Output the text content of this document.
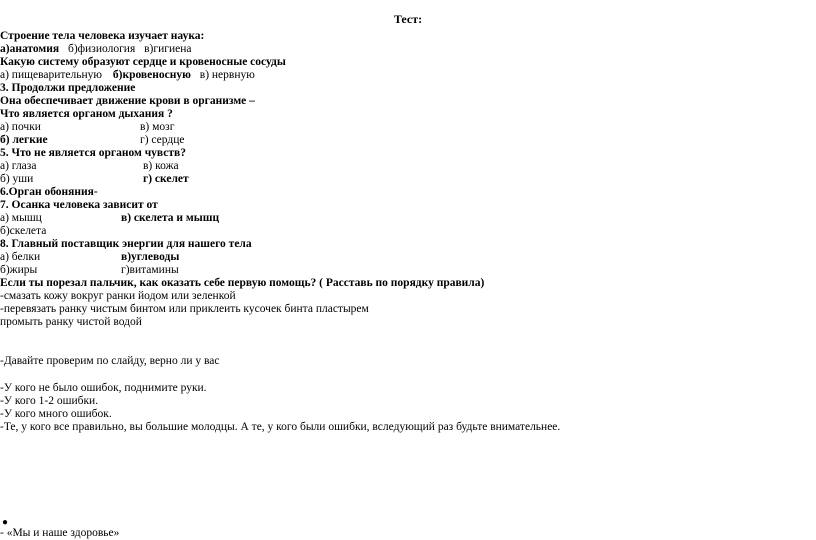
Тест:
Строение тела человека изучает наука:
а)анатомия б)физиология в)гигиена
Какую систему образуют сердце и кровеносные сосуды
а) пищеварительную б)кровеносную в) нервную
3. Продолжи предложение
Она обеспечивает движение крови в организме –
Что является органом дыхания ?
а) почки	в) мозг
б) легкие	г) сердце
5. Что не является органом чувств?
а) глаза	в) кожа
б) уши	г) скелет
6.Орган обоняния-
7. Осанка человека зависит от
а) мышц	в) скелета и мышц
б)скелета
8. Главный поставщик энергии для нашего тела
а) белки	в)углеводы
б)жиры	г)витамины
Если ты порезал пальчик, как оказать себе первую помощь? ( Расставь по порядку правила)
-смазать кожу вокруг ранки йодом или зеленкой
-перевязать ранку чистым бинтом или приклеить кусочек бинта пластырем
промыть ранку чистой водой
-Давайте проверим по слайду, верно ли у вас
-У кого не было ошибок, поднимите руки.
-У кого 1-2 ошибки.
-У кого много ошибок.
-Те, у кого все правильно, вы большие молодцы. А те, у кого были ошибки, вследующий раз будьте внимательнее.
●
- «Мы и наше здоровье»
